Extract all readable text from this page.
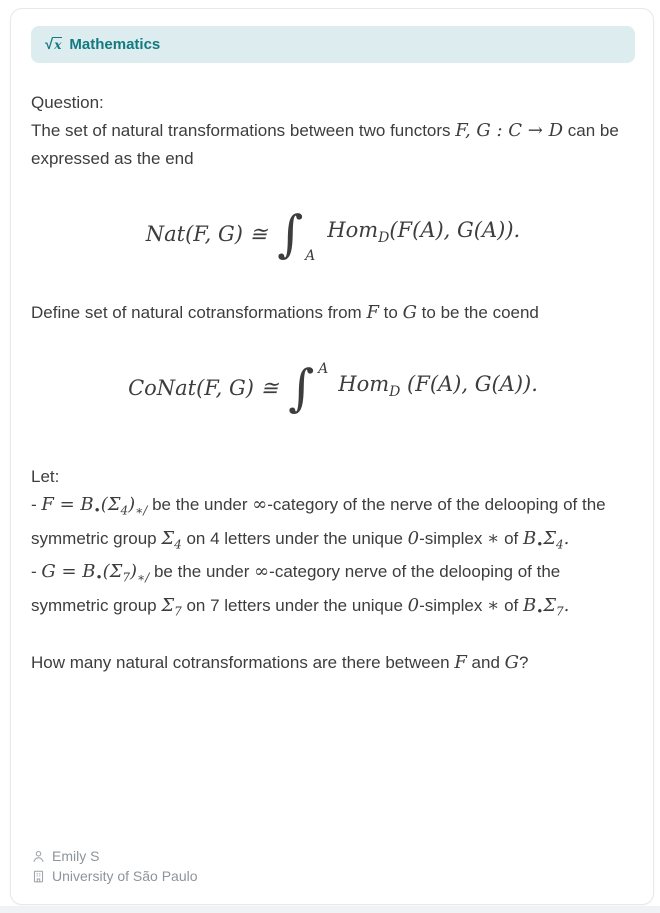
√x Mathematics
Question:
The set of natural transformations between two functors F, G : C → D can be expressed as the end
Nat(F, G) ≅ ∫ A
Hom$_D$(F(A), G(A)).
Define set of natural cotransformations from F to G to be the coend
CoNat(F, G) ≅ ∫ A
Hom$_D$ (F(A), G(A)).
Let:
- $F = B_•(\Sigma_4)_{∗/}$ be the under ∞-category of the nerve of the delooping of the symmetric group $\Sigma_4$ on 4 letters under the unique 0-simplex ∗ of $B_•\Sigma_4$.
- $G = B_•(\Sigma_7)_{∗/}$ be the under ∞-category nerve of the delooping of the symmetric group $\Sigma_7$ on 7 letters under the unique 0-simplex ∗ of $B_•\Sigma_7$.
How many natural cotransformations are there between F and G?
Emily S
University of São Paulo
